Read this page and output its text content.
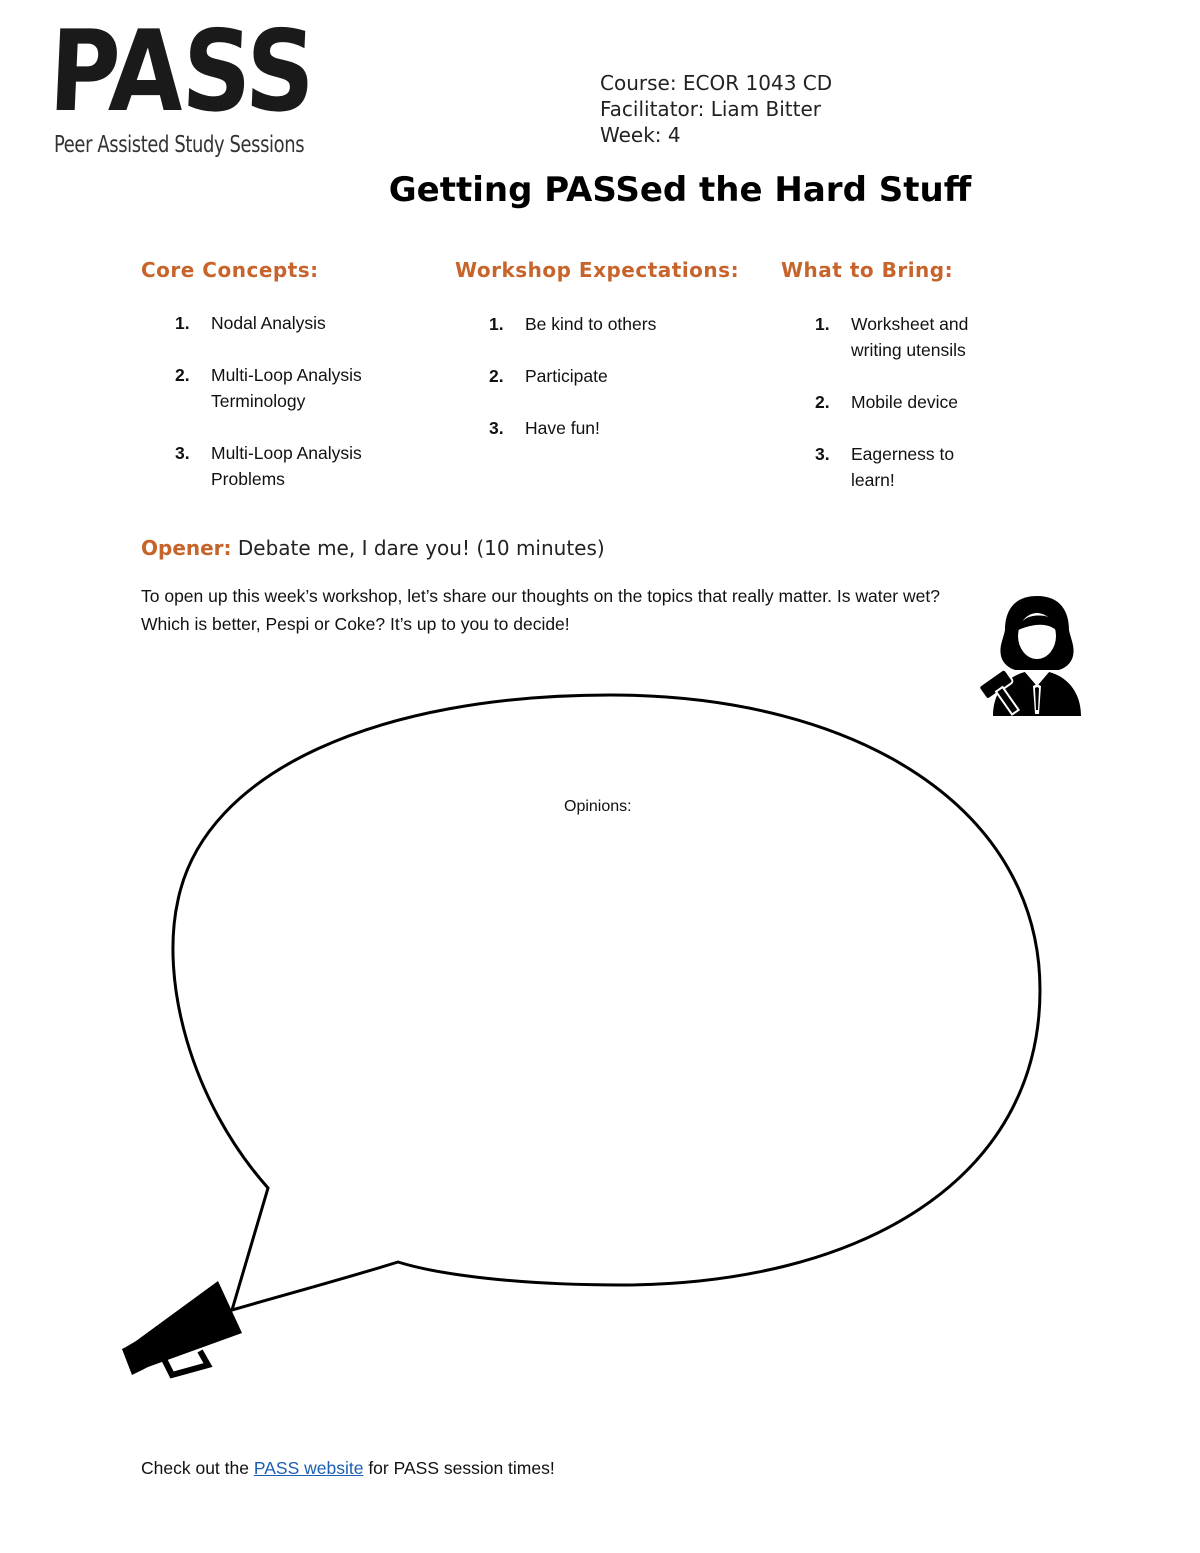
PASS
Peer Assisted Study Sessions
Course: ECOR 1043 CD
Facilitator: Liam Bitter
Week: 4
Getting PASSed the Hard Stuff
Core Concepts:
1. Nodal Analysis
2. Multi-Loop Analysis Terminology
3. Multi-Loop Analysis Problems
Workshop Expectations:
1. Be kind to others
2. Participate
3. Have fun!
What to Bring:
1. Worksheet and writing utensils
2. Mobile device
3. Eagerness to learn!
Opener: Debate me, I dare you! (10 minutes)
To open up this week’s workshop, let’s share our thoughts on the topics that really matter. Is water wet? Which is better, Pespi or Coke? It’s up to you to decide!
Opinions:
Check out the PASS website for PASS session times!
